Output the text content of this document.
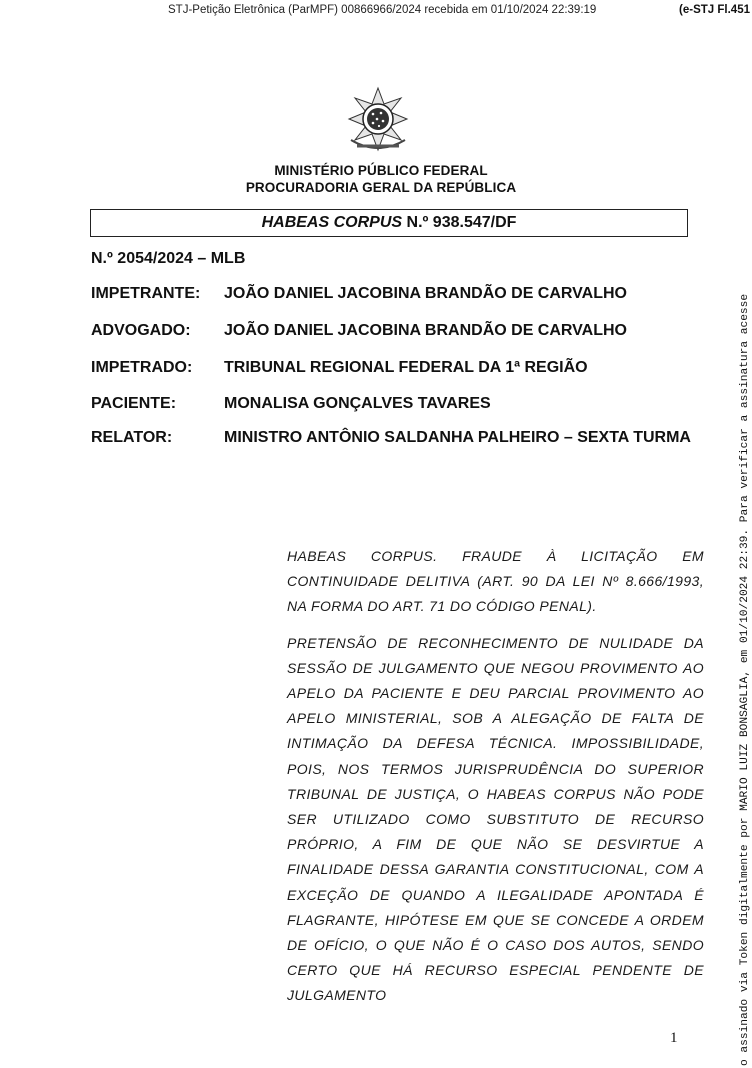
STJ-Petição Eletrônica (ParMPF) 00866966/2024 recebida em 01/10/2024 22:39:19	(e-STJ Fl.451
MINISTÉRIO PÚBLICO FEDERAL
PROCURADORIA GERAL DA REPÚBLICA
HABEAS CORPUS N.º 938.547/DF
N.º 2054/2024 – MLB
IMPETRANTE:	JOÃO DANIEL JACOBINA BRANDÃO DE CARVALHO
ADVOGADO:	JOÃO DANIEL JACOBINA BRANDÃO DE CARVALHO
IMPETRADO:	TRIBUNAL REGIONAL FEDERAL DA 1ª REGIÃO
PACIENTE:	MONALISA GONÇALVES TAVARES
RELATOR:	MINISTRO ANTÔNIO SALDANHA PALHEIRO – SEXTA TURMA

HABEAS CORPUS. FRAUDE À LICITAÇÃO EM CONTINUIDADE DELITIVA (ART. 90 DA LEI Nº 8.666/1993, NA FORMA DO ART. 71 DO CÓDIGO PENAL).

PRETENSÃO DE RECONHECIMENTO DE NULIDADE DA SESSÃO DE JULGAMENTO QUE NEGOU PROVIMENTO AO APELO DA PACIENTE E DEU PARCIAL PROVIMENTO AO APELO MINISTERIAL, SOB A ALEGAÇÃO DE FALTA DE INTIMAÇÃO DA DEFESA TÉCNICA. IMPOSSIBILIDADE, POIS, NOS TERMOS JURISPRUDÊNCIA DO SUPERIOR TRIBUNAL DE JUSTIÇA, O HABEAS CORPUS NÃO PODE SER UTILIZADO COMO SUBSTITUTO DE RECURSO PRÓPRIO, A FIM DE QUE NÃO SE DESVIRTUE A FINALIDADE DESSA GARANTIA CONSTITUCIONAL, COM A EXCEÇÃO DE QUANDO A ILEGALIDADE APONTADA É FLAGRANTE, HIPÓTESE EM QUE SE CONCEDE A ORDEM DE OFÍCIO, O QUE NÃO É O CASO DOS AUTOS, SENDO CERTO QUE HÁ RECURSO ESPECIAL PENDENTE DE JULGAMENTO

1	o assinado via Token digitalmente por MARIO LUIZ BONSAGLIA, em 01/10/2024 22:39. Para verificar a assinatura acesse
